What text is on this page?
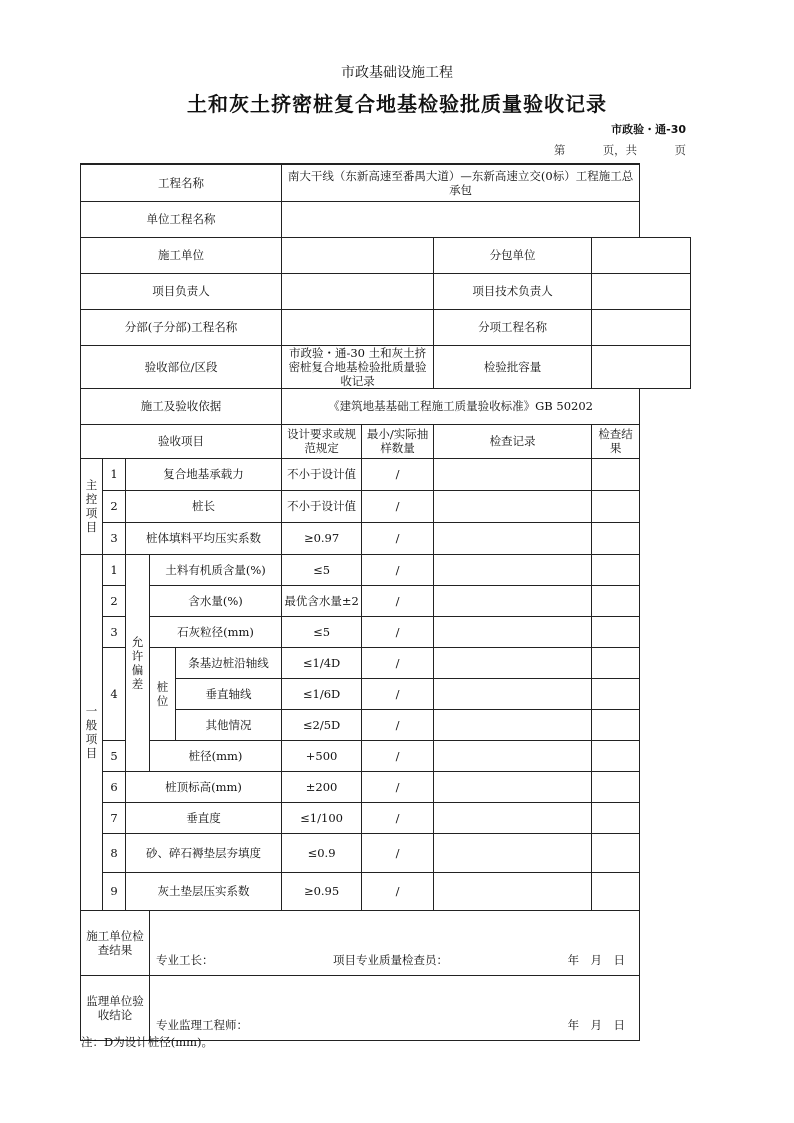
市政基础设施工程
土和灰土挤密桩复合地基检验批质量验收记录
市政验・通-30
第	页，共	页
工程名称					南大干线（东新高速至番禺大道）—东新高速立交(0标）工程施工总承包			
单位工程名称								
施工单位							分包单位	
项目负责人							项目技术负责人	
分部(子分部)工程名称							分项工程名称	
验收部位/区段					市政验・通-30 土和灰土挤密桩复合地基检验批质量验收记录		检验批容量	
施工及验收依据					《建筑地基基础工程施工质量验收标准》GB 50202			
验收项目					设计要求或规范规定	最小/实际抽样数量	检查记录	检查结果
主控项目	1	复合地基承载力			不小于设计值	/		
	2	桩长			不小于设计值	/		
	3	桩体填料平均压实系数			≥0.97	/		
一般项目	1	允许偏差	土料有机质含量(%)		≤5	/		
	2		含水量(%)		最优含水量±2	/		
	3		石灰粒径(mm)		≤5	/		
	4		桩位	条基边桩沿轴线	≤1/4D	/		
				垂直轴线	≤1/6D	/		
				其他情况	≤2/5D	/		
	5		桩径(mm)		+500	/		
	6	桩顶标高(mm)			±200	/		
	7	垂直度			≤1/100	/		
	8	砂、碎石褥垫层夯填度			≤0.9	/		
	9	灰土垫层压实系数			≥0.95	/		
施工单位检查结果			专业工长： 项目专业质量检查员： 年　月　日					

监理单位验收结论			专业监理工程师： 年　月　日					
注：D为设计桩径(mm)。
